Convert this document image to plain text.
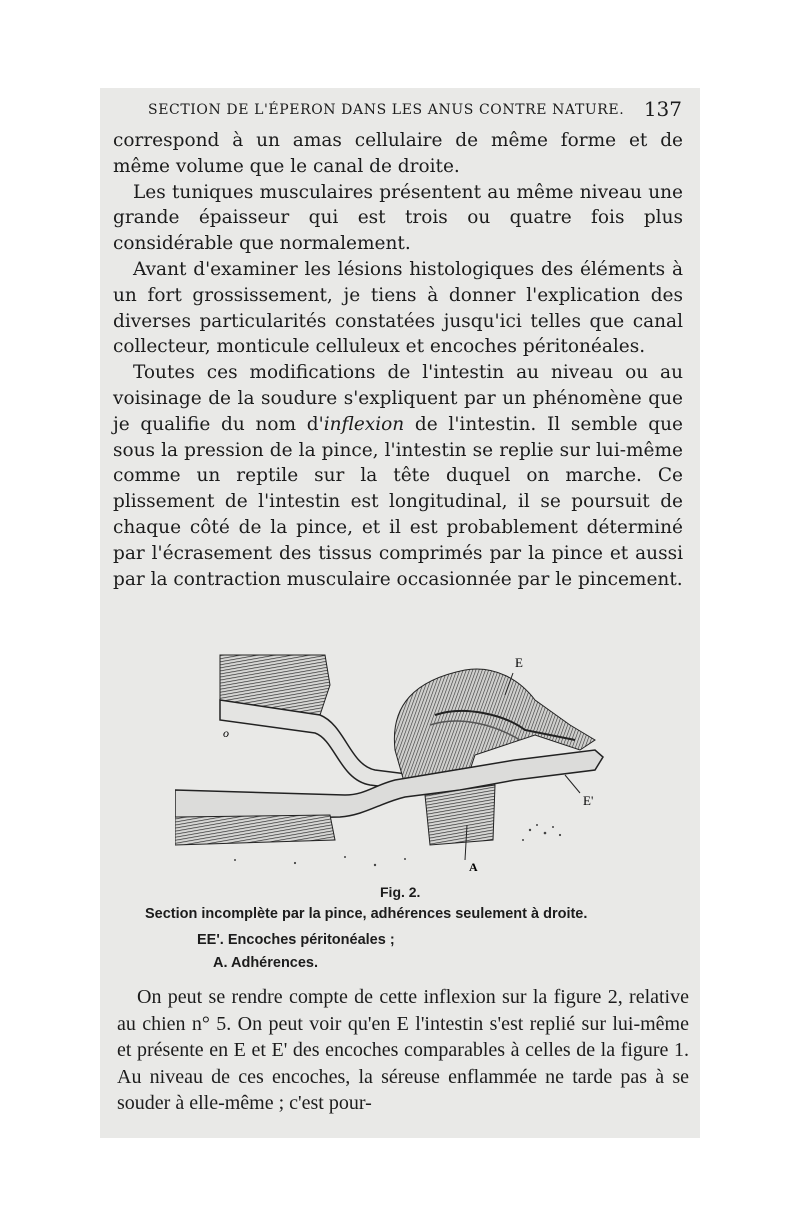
SECTION DE L'ÉPERON DANS LES ANUS CONTRE NATURE. 137

correspond à un amas cellulaire de même forme et de même volume que le canal de droite.

Les tuniques musculaires présentent au même niveau une grande épaisseur qui est trois ou quatre fois plus considérable que normalement.

Avant d'examiner les lésions histologiques des éléments à un fort grossissement, je tiens à donner l'explication des diverses particularités constatées jusqu'ici telles que canal collecteur, monticule celluleux et encoches péritonéales.

Toutes ces modifications de l'intestin au niveau ou au voisinage de la soudure s'expliquent par un phénomène que je qualifie du nom d'inflexion de l'intestin. Il semble que sous la pression de la pince, l'intestin se replie sur lui-même comme un reptile sur la tête duquel on marche. Ce plissement de l'intestin est longitudinal, il se poursuit de chaque côté de la pince, et il est probablement déterminé par l'écrasement des tissus comprimés par la pince et aussi par la contraction musculaire occasionnée par le pincement.

E
E'
A
o
Fig. 2.
Section incomplète par la pince, adhérences seulement à droite.
EE'. Encoches péritonéales ;
A. Adhérences.

On peut se rendre compte de cette inflexion sur la figure 2, relative au chien n° 5. On peut voir qu'en E l'intestin s'est replié sur lui-même et présente en E et E' des encoches comparables à celles de la figure 1. Au niveau de ces encoches, la séreuse enflammée ne tarde pas à se souder à elle-même ; c'est pour-
